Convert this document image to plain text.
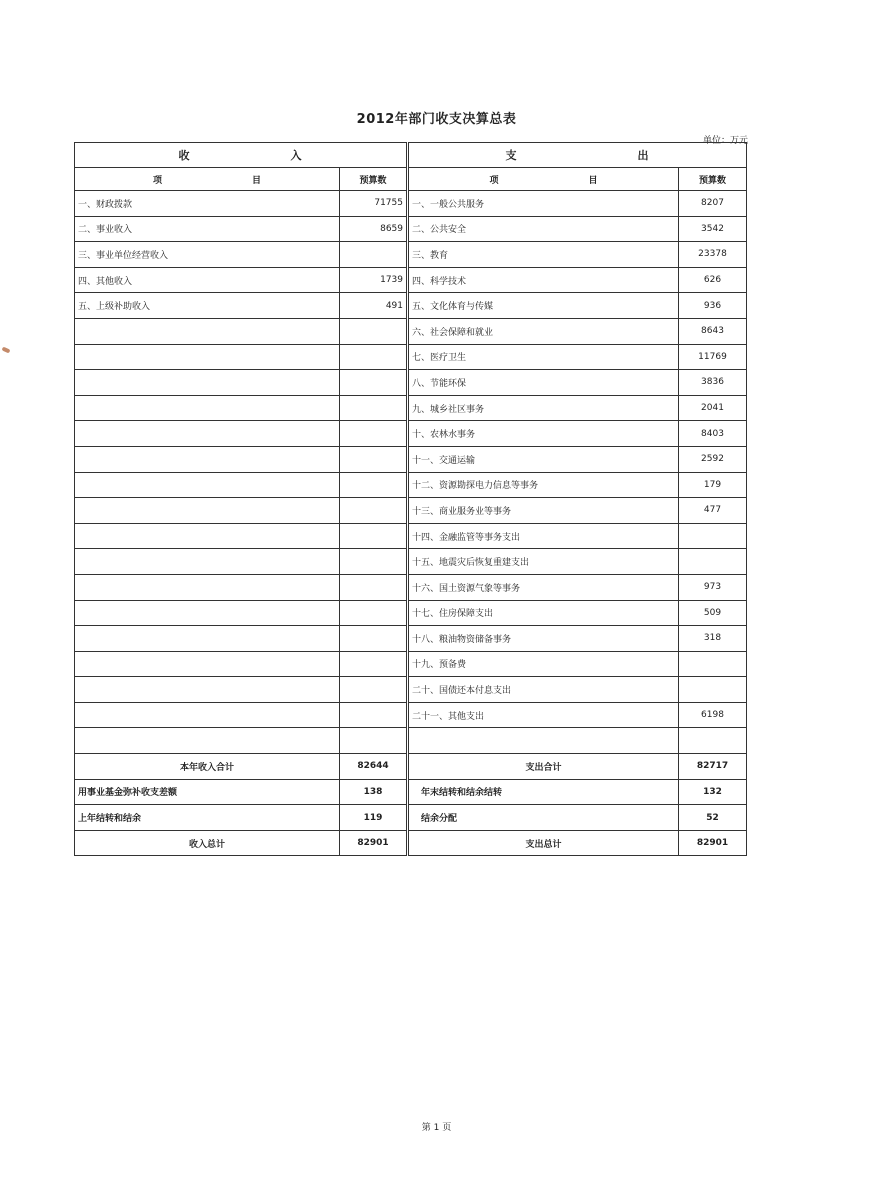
2012年部门收支决算总表
单位：万元
收 入			支 出	
项 目	预算数		项 目	预算数
一、财政拨款	71755		一、一般公共服务	8207
二、事业收入	8659		二、公共安全	3542
三、事业单位经营收入			三、教育	23378
四、其他收入	1739		四、科学技术	626
五、上级补助收入	491		五、文化体育与传媒	936
			六、社会保障和就业	8643
			七、医疗卫生	11769
			八、节能环保	3836
			九、城乡社区事务	2041
			十、农林水事务	8403
			十一、交通运输	2592
			十二、资源勘探电力信息等事务	179
			十三、商业服务业等事务	477
			十四、金融监管等事务支出	
			十五、地震灾后恢复重建支出	
			十六、国土资源气象等事务	973
			十七、住房保障支出	509
			十八、粮油物资储备事务	318
			十九、预备费	
			二十、国债还本付息支出	
			二十一、其他支出	6198

本年收入合计	82644		支出合计	82717
用事业基金弥补收支差额	138		年末结转和结余结转	132
上年结转和结余	119		结余分配	52
收入总计	82901		支出总计	82901
第 1 页
